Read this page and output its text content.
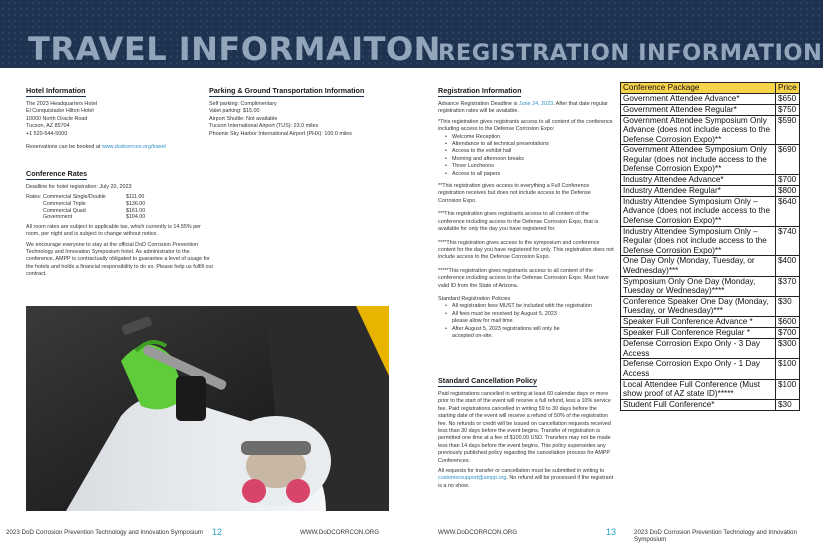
TRAVEL INFORMAITON
REGISTRATION INFORMATION
Hotel Information
The 2023 Headquarters Hotel
El Conquistador Hilton Hotel
10000 North Oracle Road
Tucson, AZ 85704
+1 520-544-5000
Reservations can be booked at www.dodcorrcon.org/travel
Parking & Ground Transportation Information
Self parking: Complimentary
Valet parking: $15.00
Airport Shuttle: Not available
Tucson International Airport (TUS): 23.0 miles
Phoenix Sky Harbor International Airport (PHX): 100.0 miles
Conference Rates
Deadline for hotel registration: July 20, 2023
Rates:	Commercial Single/Double	$111.00
	Commercial Triple	$136.00
	Commercial Quad	$161.00
	Government	$104.00
All room rates are subject to applicable tax, which currently is 14.55% per room, per night and is subject to change without notice.
We encourage everyone to stay at the official DoD Corrosion Prevention Technology and Innovation Symposium hotel. As administrator to the conference, AMPP is contractually obligated to guarantee a level of usage for the hotels and holds a financial responsibility to do so. Please help us fulfill our contract.
Registration Information
Advance Registration Deadline is June 24, 2023. After that date regular registration rates will be available.
*This registration gives registrants access to all content of the conference including access to the Defense Corrosion Expo:
• Welcome Reception
• Attendance to all technical presentations
• Access to the exhibit hall
• Morning and afternoon breaks
• Three Luncheons
• Access to all papers
**This registration gives access to everything a Full Conference registration receives but does not include access to the Defense Corrosion Expo.
***This registration gives registrants access to all content of the conference including access to the Defense Corrosion Expo, that is available for only the day you have registered for.
****This registration gives access to the symposium and conference content for the day you have registered for only. This registration does not include access to the Defense Corrosion Expo.
*****This registration gives registrants access to all content of the conference including access to the Defense Corrosion Expo. Must have valid ID from the State of Arizona.
Standard Registration Policies
• All registration fees MUST be included with the registration
• All fees must be received by August 5, 2023 please allow for mail time.
• After August 5, 2023 registrations will only be accepted on-site.
Standard Cancellation Policy
Paid registrations cancelled in writing at least 60 calendar days or more prior to the start of the event will receive a full refund, less a 10% service fee. Paid registrations cancelled in writing 59 to 30 days before the starting date of the event will receive a refund of 50% of the registration fee. No refunds or credit will be issued on cancellation requests received less than 30 days before the event begins. Transfer of registration is permitted one time at a fee of $100.00 USD. Transfers may not be made less than 14 days before the event begins. This policy supersedes any previously published policy regarding the cancellation process for AMPP Conferences.
All requests for transfer or cancellation must be submitted in writing to customersupport@ampp.org. No refund will be processed if the registrant is a no show.
Conference Package	Price
Government Attendee Advance*	$650
Government Attendee Regular*	$750
Government Attendee Symposium Only Advance (does not include access to the Defense Corrosion Expo)**	$590
Government Attendee Symposium Only Regular (does not include access to the Defense Corrosion Expo)**	$690
Industry Attendee Advance*	$700
Industry Attendee Regular*	$800
Industry Attendee Symposium Only – Advance (does not include access to the Defense Corrosion Expo)**	$640
Industry Attendee Symposium Only – Regular (does not include access to the Defense Corrosion Expo)**	$740
One Day Only (Monday, Tuesday, or Wednesday)***	$400
Symposium Only One Day (Monday, Tuesday or Wednesday)****	$370
Conference Speaker One Day (Monday, Tuesday, or Wednesday)***	$30
Speaker Full Conference Advance *	$600
Speaker Full Conference Regular *	$700
Defense Corrosion Expo Only - 3 Day Access	$300
Defense Corrosion Expo Only - 1 Day Access	$100
Local Attendee Full Conference (Must show proof of AZ state ID)*****	$100
Student Full Conference*	$30
2023 DoD Corrosion Prevention Technology and Innovation Symposium 12	WWW.DoDCORRCON.ORG	WWW.DoDCORRCON.ORG	13	2023 DoD Corrosion Prevention Technology and Innovation Symposium
